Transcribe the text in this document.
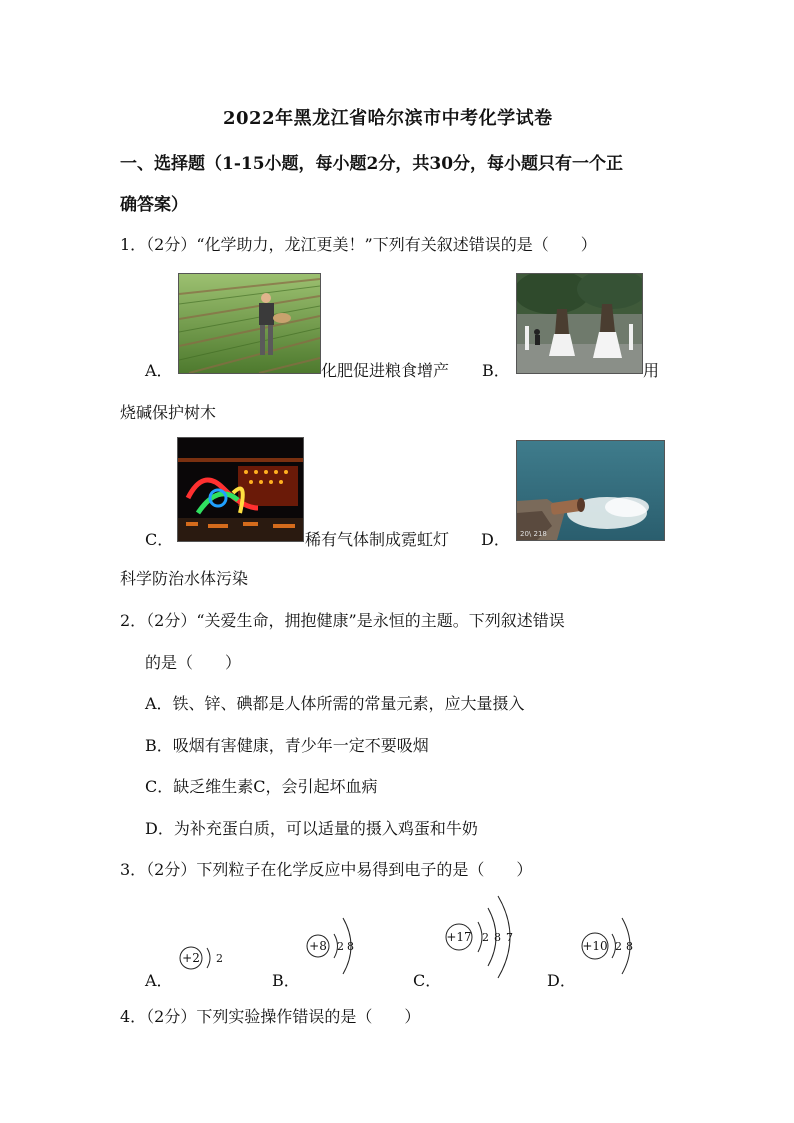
2022年黑龙江省哈尔滨市中考化学试卷
一、选择题（1-15小题，每小题2分，共30分，每小题只有一个正
确答案）
1．（2分）“化学助力，龙江更美！”下列有关叙述错误的是（　　）
A．	化肥促进粮食增产 B．	用
烧碱保护树木
C．	稀有气体制成霓虹灯 D． 20\ 218
科学防治水体污染
2．（2分）“关爱生命，拥抱健康”是永恒的主题。下列叙述错误
的是（　　）
A．铁、锌、碘都是人体所需的常量元素，应大量摄入
B．吸烟有害健康，青少年一定不要吸烟
C．缺乏维生素C，会引起坏血病
D．为补充蛋白质，可以适量的摄入鸡蛋和牛奶
3．（2分）下列粒子在化学反应中易得到电子的是（　　）
A．
+2 2
B．
+8 2 8
C．
+17 2 8 7
D．
+10 2 8
4．（2分）下列实验操作错误的是（　　）
